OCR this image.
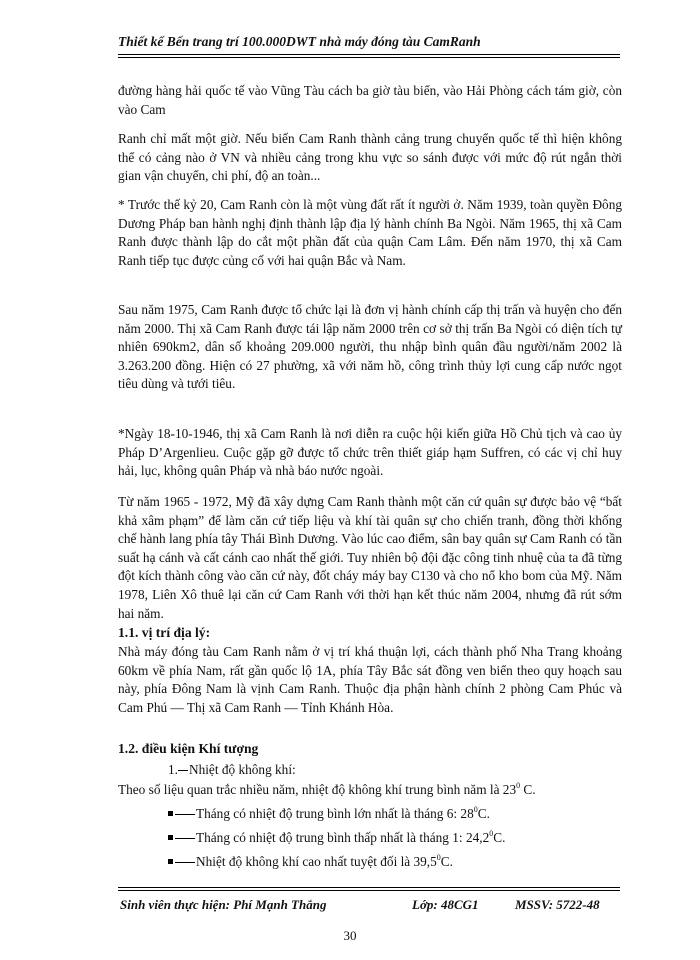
Thiết kế Bến trang trí 100.000DWT nhà máy đóng tàu CamRanh
đường hàng hải quốc tế vào Vũng Tàu cách ba giờ tàu biển, vào Hải Phòng cách tám giờ, còn vào Cam
Ranh chỉ mất một giờ. Nếu biến Cam Ranh thành cảng trung chuyển quốc tế thì hiện không thể có cảng nào ở VN và nhiều cảng trong khu vực so sánh được với mức độ rút ngắn thời gian vận chuyển, chi phí, độ an toàn...
* Trước thế kỷ 20, Cam Ranh còn là một vùng đất rất ít người ở. Năm 1939, toàn quyền Đông Dương Pháp ban hành nghị định thành lập địa lý hành chính Ba Ngòi. Năm 1965, thị xã Cam Ranh được thành lập do cắt một phần đất của quận Cam Lâm. Đến năm 1970, thị xã Cam Ranh tiếp tục được củng cố với hai quận Bắc và Nam.
Sau năm 1975, Cam Ranh được tổ chức lại là đơn vị hành chính cấp thị trấn và huyện cho đến năm 2000. Thị xã Cam Ranh được tái lập năm 2000 trên cơ sở thị trấn Ba Ngòi có diện tích tự nhiên 690km2, dân số khoảng 209.000 người, thu nhập bình quân đầu người/năm 2002 là 3.263.200 đồng. Hiện có 27 phường, xã với năm hồ, công trình thủy lợi cung cấp nước ngọt tiêu dùng và tưới tiêu.
*Ngày 18-10-1946, thị xã Cam Ranh là nơi diễn ra cuộc hội kiến giữa Hồ Chủ tịch và cao ủy Pháp D’Argenlieu. Cuộc gặp gỡ được tổ chức trên thiết giáp hạm Suffren, có các vị chỉ huy hải, lục, không quân Pháp và nhà báo nước ngoài.
Từ năm 1965 - 1972, Mỹ đã xây dựng Cam Ranh thành một căn cứ quân sự được bảo vệ “bất khả xâm phạm” để làm căn cứ tiếp liệu và khí tài quân sự cho chiến tranh, đồng thời khống chế hành lang phía tây Thái Bình Dương. Vào lúc cao điểm, sân bay quân sự Cam Ranh có tần suất hạ cánh và cất cánh cao nhất thế giới. Tuy nhiên bộ đội đặc công tinh nhuệ của ta đã từng đột kích thành công vào căn cứ này, đốt cháy máy bay C130 và cho nổ kho bom của Mỹ. Năm 1978, Liên Xô thuê lại căn cứ Cam Ranh với thời hạn kết thúc năm 2004, nhưng đã rút sớm hai năm.
1.1. vị trí địa lý:
Nhà máy đóng tàu Cam Ranh nằm ở vị trí khá thuận lợi, cách thành phố Nha Trang khoảng 60km về phía Nam, rất gần quốc lộ 1A, phía Tây Bắc sát đồng ven biển theo quy hoạch sau này, phía Đông Nam là vịnh Cam Ranh. Thuộc địa phận hành chính 2 phòng Cam Phúc và Cam Phú — Thị xã Cam Ranh — Tỉnh Khánh Hòa.
1.2. điều kiện Khí tượng
1. Nhiệt độ không khí:
Theo số liệu quan trắc nhiều năm, nhiệt độ không khí trung bình năm là $23^0$ C.
Tháng có nhiệt độ trung bình lớn nhất là tháng 6: $28^0C$.
Tháng có nhiệt độ trung bình thấp nhất là tháng 1: 24,2$^0$C.
Nhiệt độ không khí cao nhất tuyệt đối là 39,5$^0$C.
Sinh viên thực hiện: Phí Mạnh Thắng	Lớp: 48CG1	MSSV: 5722-48
30
